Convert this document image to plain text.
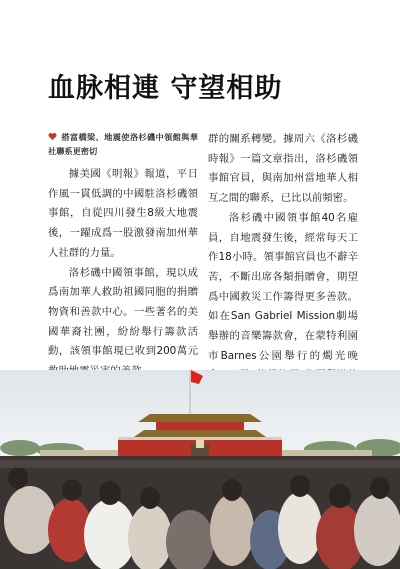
血脉相連 守望相助
搭富橋梁、地震使洛杉磯中領館與華社聯系更密切

據美國《明報》報道，平日作風一貫低調的中國駐洛杉磯領事館，自從四川發生8級大地震後，一躍成爲一股激發南加州華人社群的力量。

洛杉磯中國領事館，現以成爲南加華人救助祖國同胞的捐贈物資和善款中心。一些著名的美國華裔社團，紛紛舉行籌款活動，該領事館現已收到200萬元

群的關系轉變。據周六《洛杉磯時報》一篇文章指出，洛杉磯領事館官員，與南加州當地華人相互之間的聯系，已比以前頻密。

洛杉磯中國領事館40名雇員，自地震發生後，經常每天工作18小時。領事館官員也不辭辛苦，不斷出席各類捐贈會，期望爲中國救災工作籌得更多善款。如在San Gabriel Mission劇場舉辦的音樂籌款會，在蒙特利園市Barnes公園舉行的燭光晚
